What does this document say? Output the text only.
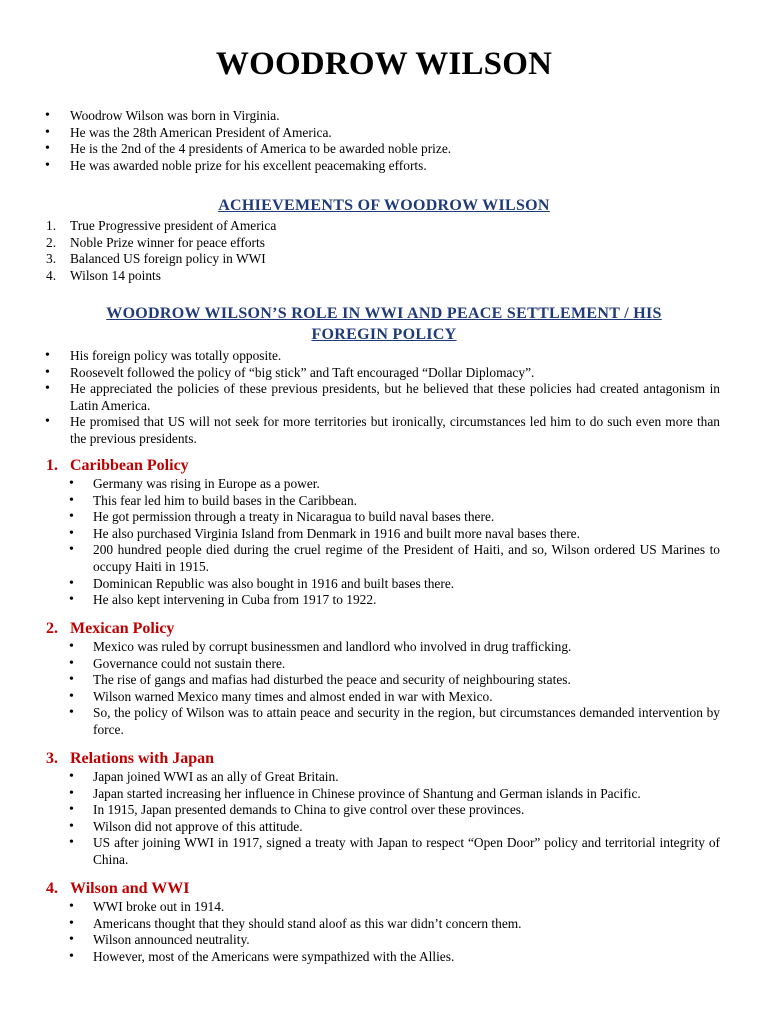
WOODROW WILSON
• Woodrow Wilson was born in Virginia.
• He was the 28th American President of America.
• He is the 2nd of the 4 presidents of America to be awarded noble prize.
• He was awarded noble prize for his excellent peacemaking efforts.
ACHIEVEMENTS OF WOODROW WILSON
1. True Progressive president of America
2. Noble Prize winner for peace efforts
3. Balanced US foreign policy in WWI
4. Wilson 14 points
WOODROW WILSON’S ROLE IN WWI AND PEACE SETTLEMENT / HIS
FOREGIN POLICY
• His foreign policy was totally opposite.
• Roosevelt followed the policy of “big stick” and Taft encouraged “Dollar Diplomacy”.
• He appreciated the policies of these previous presidents, but he believed that these policies had created antagonism in Latin America.
• He promised that US will not seek for more territories but ironically, circumstances led him to do such even more than the previous presidents.
1. Caribbean Policy
• Germany was rising in Europe as a power.
• This fear led him to build bases in the Caribbean.
• He got permission through a treaty in Nicaragua to build naval bases there.
• He also purchased Virginia Island from Denmark in 1916 and built more naval bases there.
• 200 hundred people died during the cruel regime of the President of Haiti, and so, Wilson ordered US Marines to occupy Haiti in 1915.
• Dominican Republic was also bought in 1916 and built bases there.
• He also kept intervening in Cuba from 1917 to 1922.
2. Mexican Policy
• Mexico was ruled by corrupt businessmen and landlord who involved in drug trafficking.
• Governance could not sustain there.
• The rise of gangs and mafias had disturbed the peace and security of neighbouring states.
• Wilson warned Mexico many times and almost ended in war with Mexico.
• So, the policy of Wilson was to attain peace and security in the region, but circumstances demanded intervention by force.
3. Relations with Japan
• Japan joined WWI as an ally of Great Britain.
• Japan started increasing her influence in Chinese province of Shantung and German islands in Pacific.
• In 1915, Japan presented demands to China to give control over these provinces.
• Wilson did not approve of this attitude.
• US after joining WWI in 1917, signed a treaty with Japan to respect “Open Door” policy and territorial integrity of China.
4. Wilson and WWI
• WWI broke out in 1914.
• Americans thought that they should stand aloof as this war didn’t concern them.
• Wilson announced neutrality.
• However, most of the Americans were sympathized with the Allies.
